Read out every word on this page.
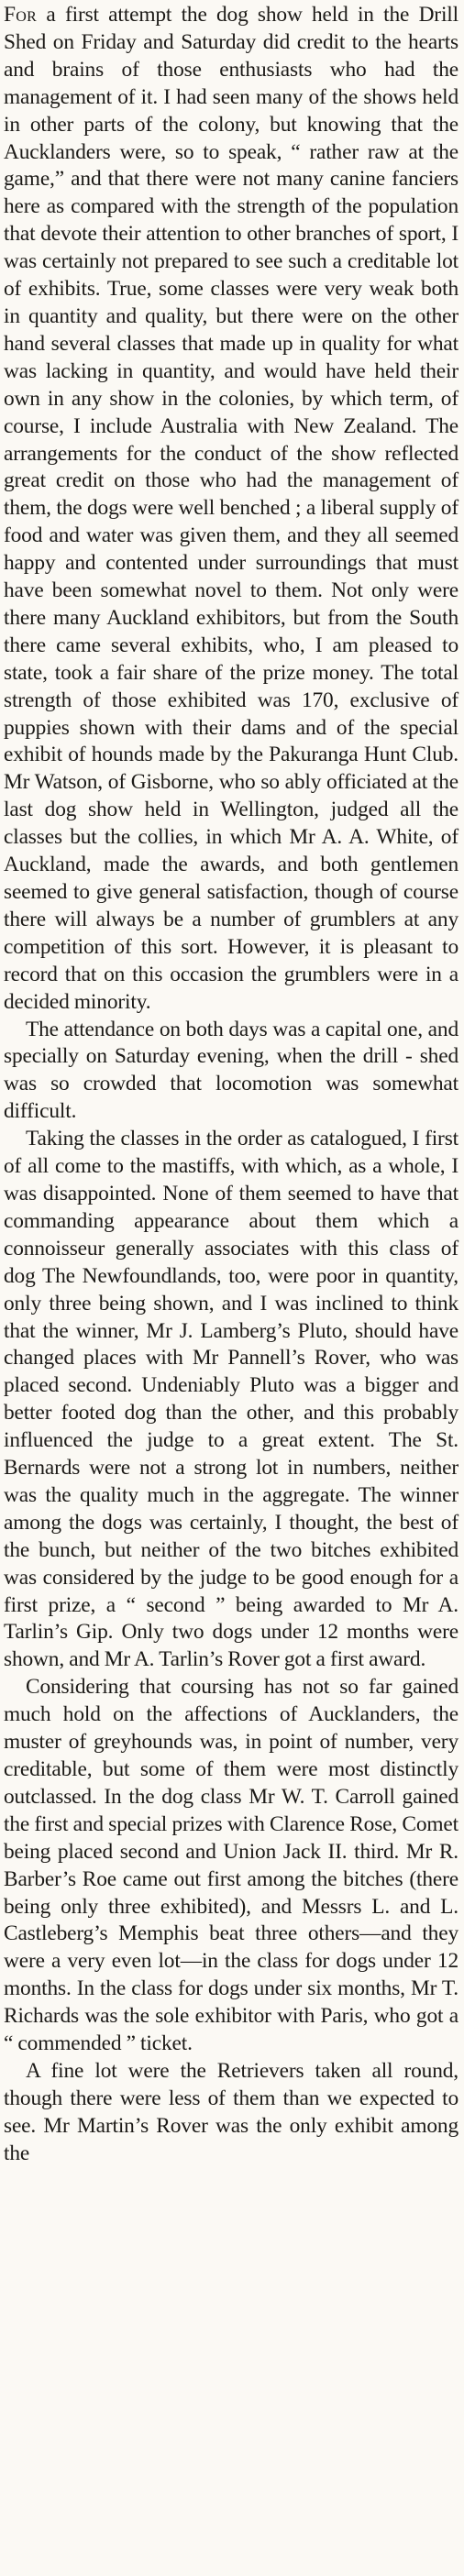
For a first attempt the dog show held in the Drill Shed on Friday and Saturday did credit to the hearts and brains of those enthusiasts who had the management of it. I had seen many of the shows held in other parts of the colony, but knowing that the Aucklanders were, so to speak, “ rather raw at the game,” and that there were not many canine fanciers here as compared with the strength of the population that devote their attention to other branches of sport, I was certainly not prepared to see such a creditable lot of exhibits. True, some classes were very weak both in quantity and quality, but there were on the other hand several classes that made up in quality for what was lacking in quantity, and would have held their own in any show in the colonies, by which term, of course, I include Australia with New Zealand. The arrangements for the conduct of the show reflected great credit on those who had the management of them, the dogs were well benched ; a liberal supply of food and water was given them, and they all seemed happy and contented under surroundings that must have been somewhat novel to them. Not only were there many Auckland exhibitors, but from the South there came several exhibits, who, I am pleased to state, took a fair share of the prize money. The total strength of those exhibited was 170, exclusive of puppies shown with their dams and of the special exhibit of hounds made by the Pakuranga Hunt Club. Mr Watson, of Gisborne, who so ably officiated at the last dog show held in Wellington, judged all the classes but the collies, in which Mr A. A. White, of Auckland, made the awards, and both gentlemen seemed to give general satisfaction, though of course there will always be a number of grumblers at any competition of this sort. However, it is pleasant to record that on this occasion the grumblers were in a decided minority.

The attendance on both days was a capital one, and specially on Saturday evening, when the drill - shed was so crowded that locomotion was somewhat difficult.

Taking the classes in the order as catalogued, I first of all come to the mastiffs, with which, as a whole, I was disappointed. None of them seemed to have that commanding appearance about them which a connoisseur generally associates with this class of dog The Newfoundlands, too, were poor in quantity, only three being shown, and I was inclined to think that the winner, Mr J. Lamberg’s Pluto, should have changed places with Mr Pannell’s Rover, who was placed second. Undeniably Pluto was a bigger and better footed dog than the other, and this probably influenced the judge to a great extent. The St. Bernards were not a strong lot in numbers, neither was the quality much in the aggregate. The winner among the dogs was certainly, I thought, the best of the bunch, but neither of the two bitches exhibited was considered by the judge to be good enough for a first prize, a “ second ” being awarded to Mr A. Tarlin’s Gip. Only two dogs under 12 months were shown, and Mr A. Tarlin’s Rover got a first award.

Considering that coursing has not so far gained much hold on the affections of Aucklanders, the muster of greyhounds was, in point of number, very creditable, but some of them were most distinctly outclassed. In the dog class Mr W. T. Carroll gained the first and special prizes with Clarence Rose, Comet being placed second and Union Jack II. third. Mr R. Barber’s Roe came out first among the bitches (there being only three exhibited), and Messrs L. and L. Castleberg’s Memphis beat three others—and they were a very even lot—in the class for dogs under 12 months. In the class for dogs under six months, Mr T. Richards was the sole exhibitor with Paris, who got a “ commended ” ticket.

A fine lot were the Retrievers taken all round, though there were less of them than we expected to see. Mr Martin’s Rover was the only exhibit among the
